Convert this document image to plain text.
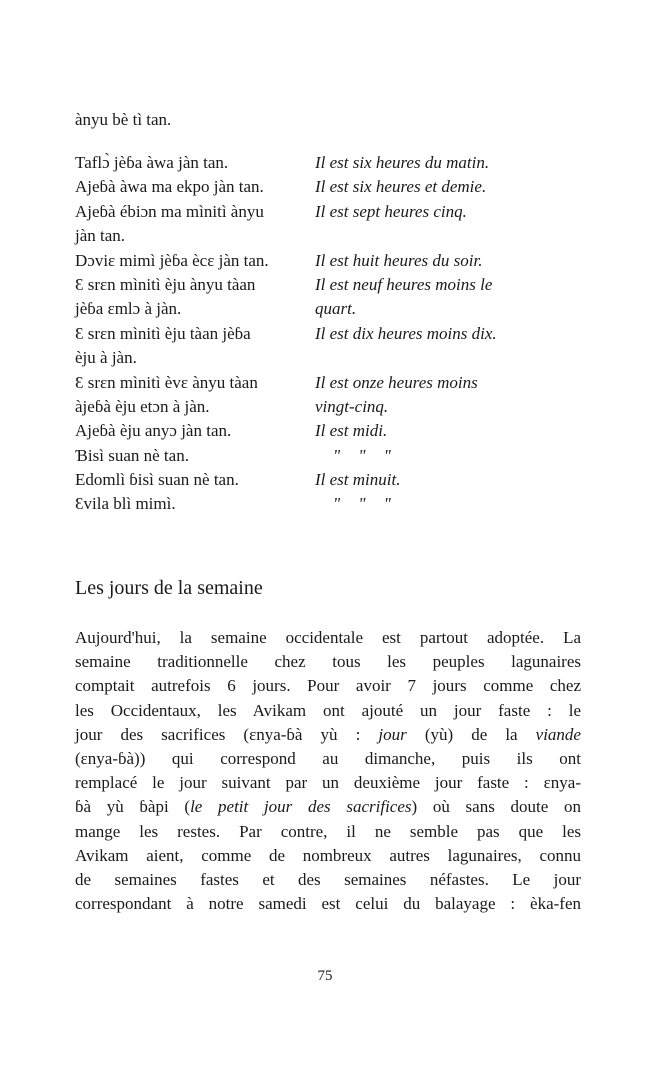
ànyu bè tì tan.
Taflɔ̀ jèɓa àwa jàn tan.	Il est six heures du matin.
Ajeɓà àwa ma ekpo jàn tan.	Il est six heures et demie.
Ajeɓà ébiɔn ma mìnitì ànyu	Il est sept heures cinq.
jàn tan.
Dɔviɛ mimì jèɓa ècɛ jàn tan.	Il est huit heures du soir.
Ɛ srɛn mìnitì èju ànyu tàan	Il est neuf heures moins le
jèɓa ɛmlɔ à jàn.	quart.
Ɛ srɛn mìnitì èju tàan jèɓa	Il est dix heures moins dix.
èju à jàn.
Ɛ srɛn mìnitì èvɛ ànyu tàan	Il est onze heures moins
àjeɓà èju etɔn à jàn.	vingt-cinq.
Ajeɓà èju anyɔ jàn tan.	Il est midi.
Ɓisì suan nè tan.	" " "
Edomlì ɓisì suan nè tan.	Il est minuit.
Ɛvila blì mimì.	" " "
Les jours de la semaine
Aujourd'hui, la semaine occidentale est partout adoptée. La
semaine traditionnelle chez tous les peuples lagunaires
comptait autrefois 6 jours. Pour avoir 7 jours comme chez
les Occidentaux, les Avikam ont ajouté un jour faste : le
jour des sacrifices (ɛnya-ɓà yù : jour (yù) de la viande
(ɛnya-ɓà)) qui correspond au dimanche, puis ils ont
remplacé le jour suivant par un deuxième jour faste : ɛnya-
ɓà yù ɓàpi (le petit jour des sacrifices) où sans doute on
mange les restes. Par contre, il ne semble pas que les
Avikam aient, comme de nombreux autres lagunaires, connu
de semaines fastes et des semaines néfastes. Le jour
correspondant à notre samedi est celui du balayage : èka-fen
75
